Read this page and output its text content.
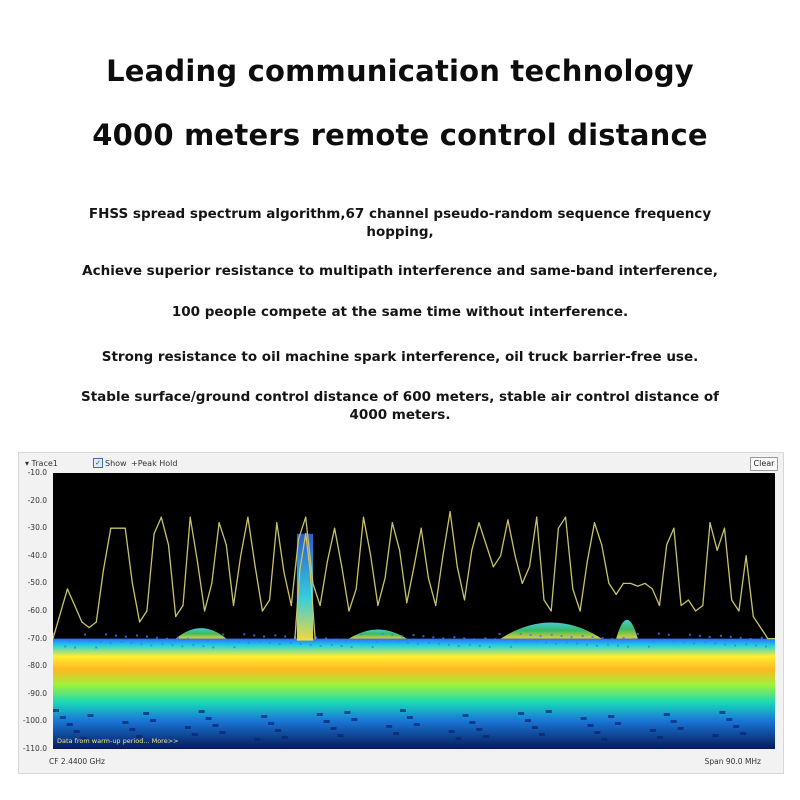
Leading communication technology
4000 meters remote control distance
FHSS spread spectrum algorithm,67 channel pseudo-random sequence frequency hopping,
Achieve superior resistance to multipath interference and same-band interference,
100 people compete at the same time without interference.
Strong resistance to oil machine spark interference, oil truck barrier-free use.
Stable surface/ground control distance of 600 meters, stable air control distance of 4000 meters.
▾ Trace1	✓ Show +Peak Hold	Clear
-10.0
-20.0
-30.0
-40.0
-50.0
-60.0
-70.0
-80.0
-90.0
-100.0
-110.0
Data from warm-up period... More>>
CF 2.4400 GHz	Span 90.0 MHz
